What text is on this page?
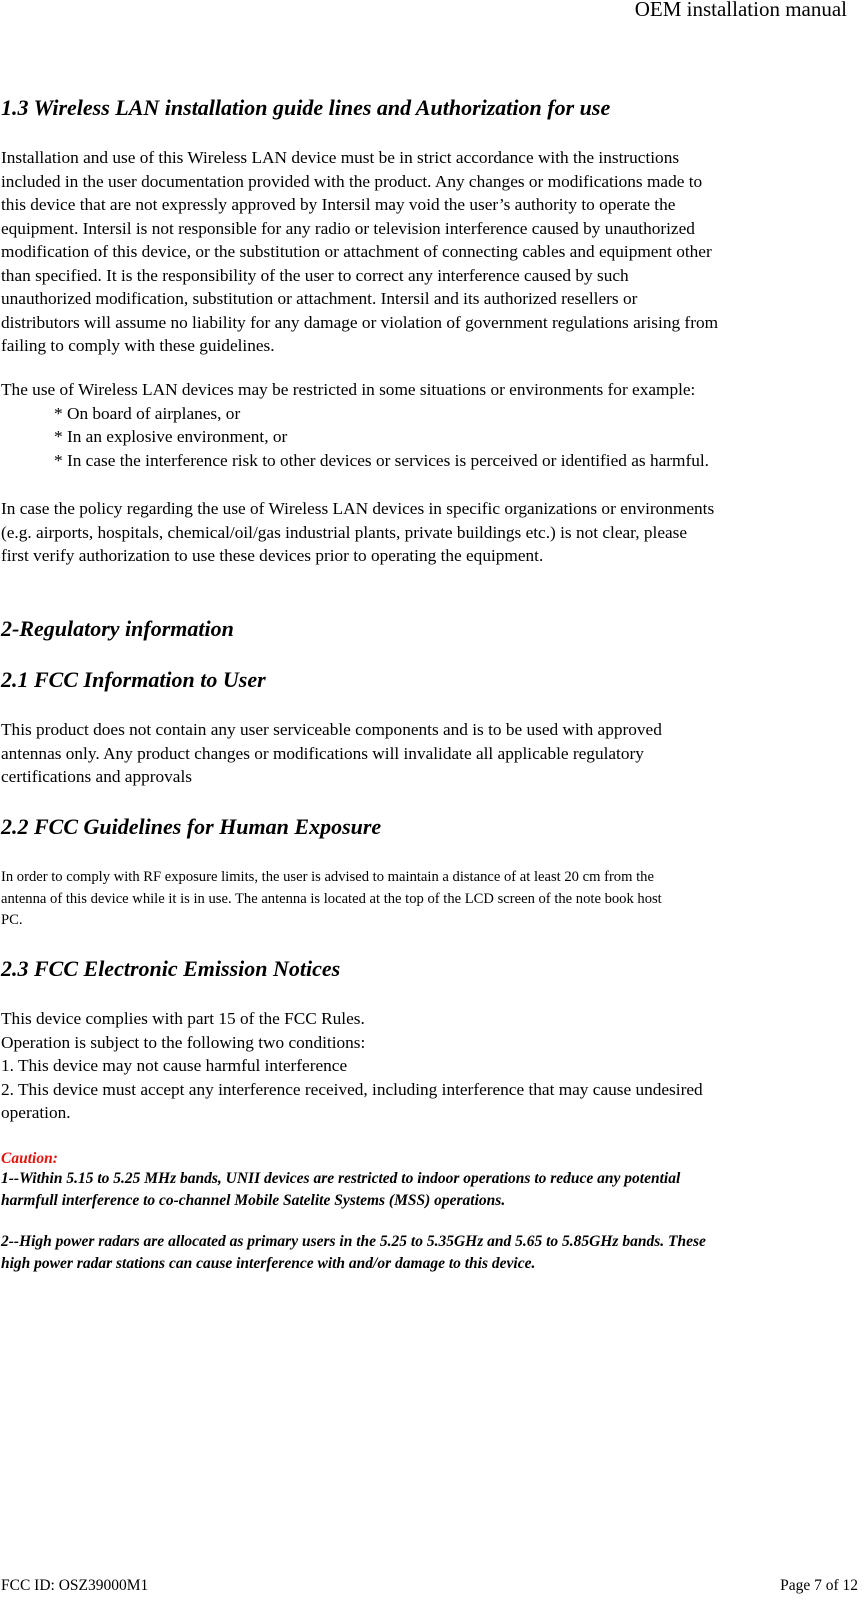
OEM installation manual
1.3 Wireless LAN installation guide lines and Authorization for use
Installation and use of this Wireless LAN device must be in strict accordance with the instructions
included in the user documentation provided with the product. Any changes or modifications made to
this device that are not expressly approved by Intersil may void the user’s authority to operate the
equipment. Intersil is not responsible for any radio or television interference caused by unauthorized
modification of this device, or the substitution or attachment of connecting cables and equipment other
than specified. It is the responsibility of the user to correct any interference caused by such
unauthorized modification, substitution or attachment. Intersil and its authorized resellers or
distributors will assume no liability for any damage or violation of government regulations arising from
failing to comply with these guidelines.
The use of Wireless LAN devices may be restricted in some situations or environments for example:
* On board of airplanes, or
* In an explosive environment, or
* In case the interference risk to other devices or services is perceived or identified as harmful.
In case the policy regarding the use of Wireless LAN devices in specific organizations or environments
(e.g. airports, hospitals, chemical/oil/gas industrial plants, private buildings etc.) is not clear, please
first verify authorization to use these devices prior to operating the equipment.
2-Regulatory information
2.1 FCC Information to User
This product does not contain any user serviceable components and is to be used with approved
antennas only. Any product changes or modifications will invalidate all applicable regulatory
certifications and approvals
2.2 FCC Guidelines for Human Exposure
In order to comply with RF exposure limits, the user is advised to maintain a distance of at least 20 cm from the
antenna of this device while it is in use. The antenna is located at the top of the LCD screen of the note book host
PC.
2.3 FCC Electronic Emission Notices
This device complies with part 15 of the FCC Rules.
Operation is subject to the following two conditions:
1. This device may not cause harmful interference
2. This device must accept any interference received, including interference that may cause undesired
operation.
Caution:
1--Within 5.15 to 5.25 MHz bands, UNII devices are restricted to indoor operations to reduce any potential
harmfull interference to co-channel Mobile Satelite Systems (MSS) operations.
2--High power radars are allocated as primary users in the 5.25 to 5.35GHz and 5.65 to 5.85GHz bands. These
high power radar stations can cause interference with and/or damage to this device.
FCC ID: OSZ39000M1	Page 7 of 12
